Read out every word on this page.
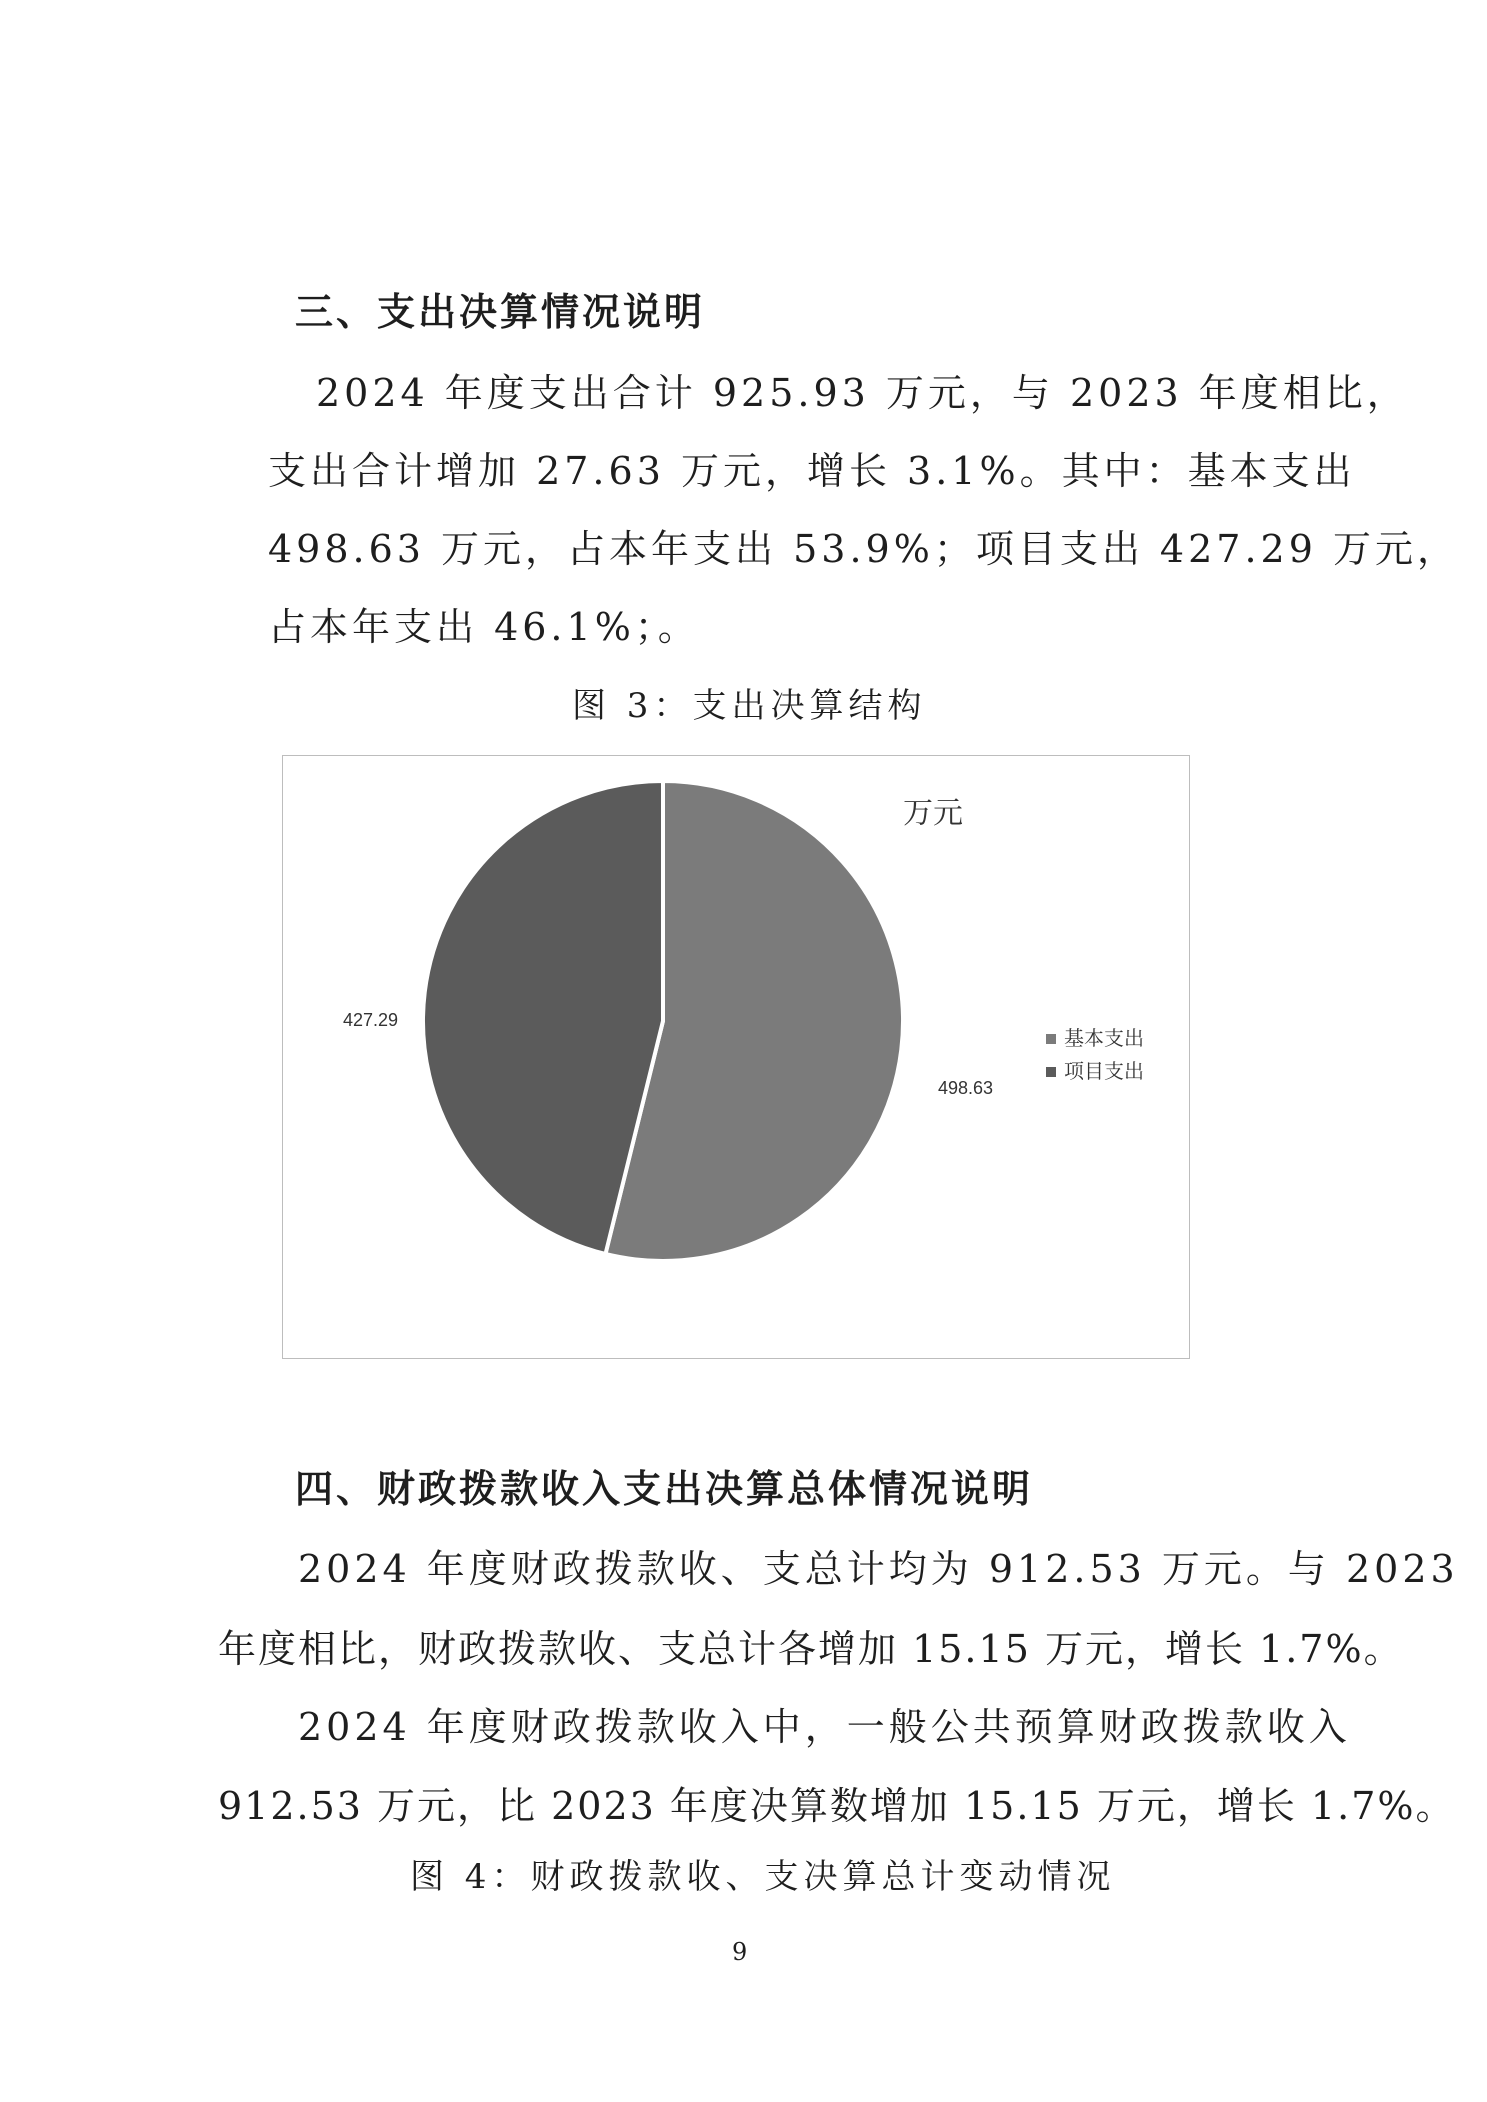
三、支出决算情况说明

2024 年度支出合计 925.93 万元，与 2023 年度相比，

支出合计增加 27.63 万元，增长 3.1%。其中：基本支出

498.63 万元，占本年支出 53.9%；项目支出 427.29 万元，

占本年支出 46.1%；。

图 3：支出决算结构

万元
498.63
427.29
基本支出
项目支出
四、财政拨款收入支出决算总体情况说明

2024 年度财政拨款收、支总计均为 912.53 万元。与 2023

年度相比，财政拨款收、支总计各增加 15.15 万元，增长 1.7%。

2024 年度财政拨款收入中，一般公共预算财政拨款收入

912.53 万元，比 2023 年度决算数增加 15.15 万元，增长 1.7%。

图 4：财政拨款收、支决算总计变动情况

9
